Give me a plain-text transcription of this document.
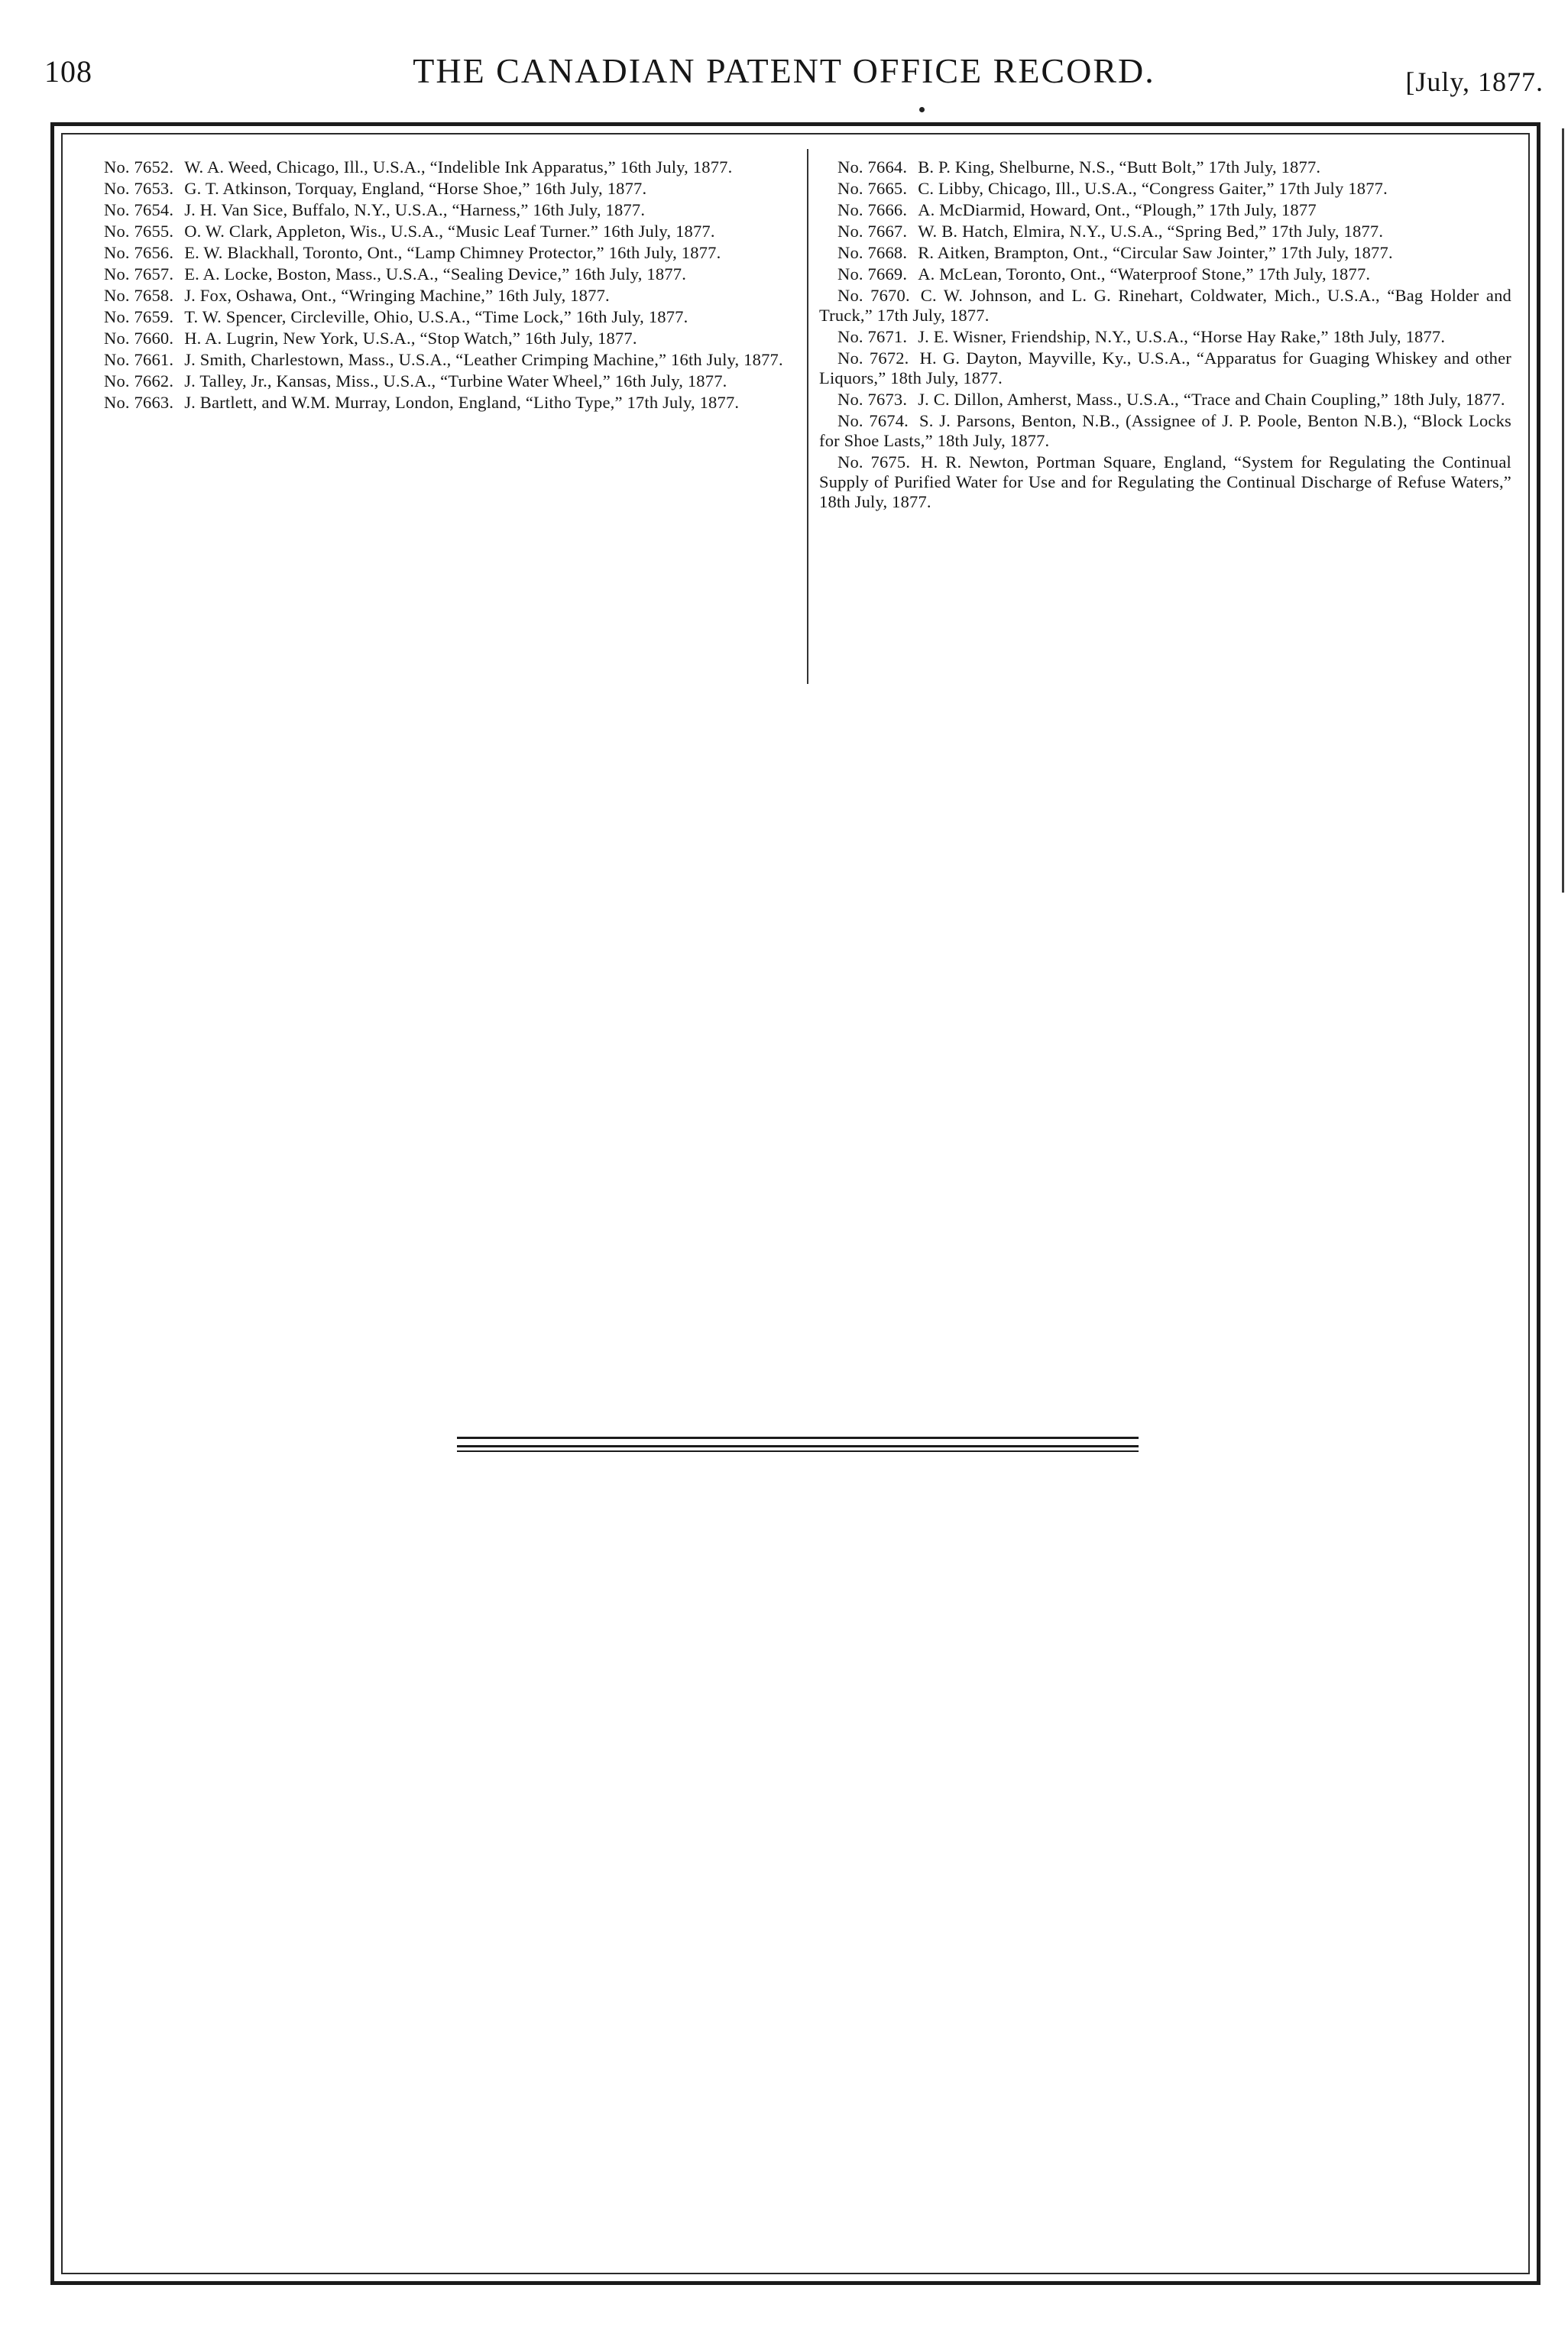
108	THE CANADIAN PATENT OFFICE RECORD.	[July, 1877.

No. 7652. W. A. Weed, Chicago, Ill., U.S.A., “Indelible Ink Apparatus,” 16th July, 1877.

No. 7653. G. T. Atkinson, Torquay, England, “Horse Shoe,” 16th July, 1877.

No. 7654. J. H. Van Sice, Buffalo, N.Y., U.S.A., “Harness,” 16th July, 1877.

No. 7655. O. W. Clark, Appleton, Wis., U.S.A., “Music Leaf Turner.” 16th July, 1877.

No. 7656. E. W. Blackhall, Toronto, Ont., “Lamp Chimney Protector,” 16th July, 1877.

No. 7657. E. A. Locke, Boston, Mass., U.S.A., “Sealing Device,” 16th July, 1877.

No. 7658. J. Fox, Oshawa, Ont., “Wringing Machine,” 16th July, 1877.

No. 7659. T. W. Spencer, Circleville, Ohio, U.S.A., “Time Lock,” 16th July, 1877.

No. 7660. H. A. Lugrin, New York, U.S.A., “Stop Watch,” 16th July, 1877.

No. 7661. J. Smith, Charlestown, Mass., U.S.A., “Leather Crimping Machine,” 16th July, 1877.

No. 7662. J. Talley, Jr., Kansas, Miss., U.S.A., “Turbine Water Wheel,” 16th July, 1877.

No. 7663. J. Bartlett, and W.M. Murray, London, England, “Litho Type,” 17th July, 1877.

No. 7664. B. P. King, Shelburne, N.S., “Butt Bolt,” 17th July, 1877.

No. 7665. C. Libby, Chicago, Ill., U.S.A., “Congress Gaiter,” 17th July 1877.

No. 7666. A. McDiarmid, Howard, Ont., “Plough,” 17th July, 1877

No. 7667. W. B. Hatch, Elmira, N.Y., U.S.A., “Spring Bed,” 17th July, 1877.

No. 7668. R. Aitken, Brampton, Ont., “Circular Saw Jointer,” 17th July, 1877.

No. 7669. A. McLean, Toronto, Ont., “Waterproof Stone,” 17th July, 1877.

No. 7670. C. W. Johnson, and L. G. Rinehart, Coldwater, Mich., U.S.A., “Bag Holder and Truck,” 17th July, 1877.

No. 7671. J. E. Wisner, Friendship, N.Y., U.S.A., “Horse Hay Rake,” 18th July, 1877.

No. 7672. H. G. Dayton, Mayville, Ky., U.S.A., “Apparatus for Guaging Whiskey and other Liquors,” 18th July, 1877.

No. 7673. J. C. Dillon, Amherst, Mass., U.S.A., “Trace and Chain Coupling,” 18th July, 1877.

No. 7674. S. J. Parsons, Benton, N.B., (Assignee of J. P. Poole, Benton N.B.), “Block Locks for Shoe Lasts,” 18th July, 1877.

No. 7675. H. R. Newton, Portman Square, England, “System for Regulating the Continual Supply of Purified Water for Use and for Regulating the Continual Discharge of Refuse Waters,” 18th July, 1877.
